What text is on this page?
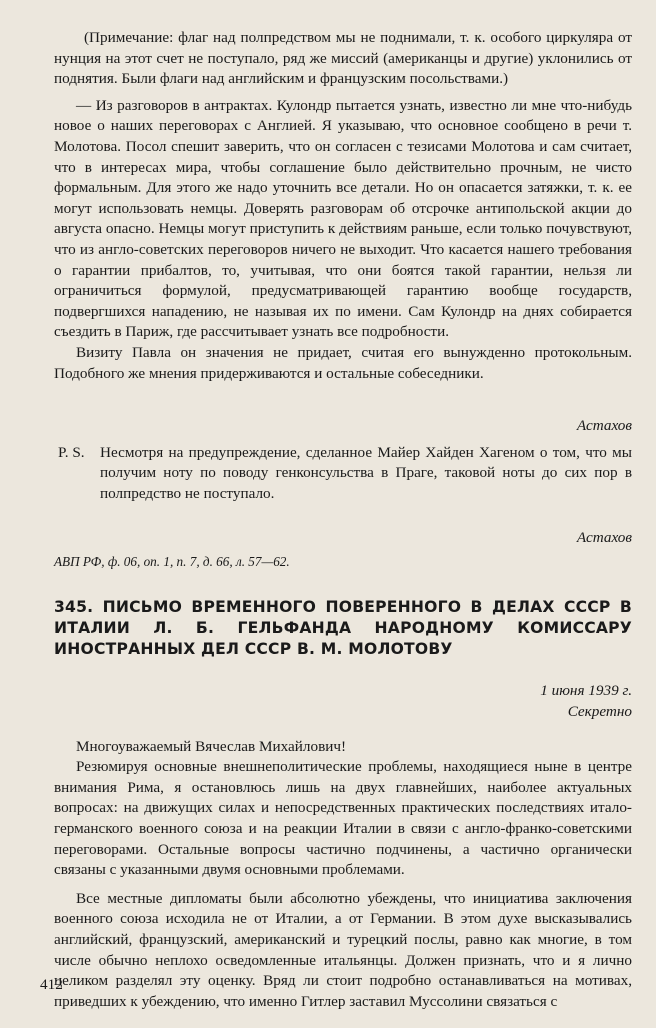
(Примечание: флаг над полпредством мы не поднимали, т. к. особого циркуляра от нунция на этот счет не поступало, ряд же миссий (американцы и другие) уклонились от поднятия. Были флаги над английским и французским посольствами.)

— Из разговоров в антрактах. Кулондр пытается узнать, известно ли мне что-нибудь новое о наших переговорах с Англией. Я указываю, что основное сообщено в речи т. Молотова. Посол спешит заверить, что он согласен с тезисами Молотова и сам считает, что в интересах мира, чтобы соглашение было действительно прочным, не чисто формальным. Для этого же надо уточнить все детали. Но он опасается затяжки, т. к. ее могут использовать немцы. Доверять разговорам об отсрочке антипольской акции до августа опасно. Немцы могут приступить к действиям раньше, если только почувствуют, что из англо-советских переговоров ничего не выходит. Что касается нашего требования о гарантии прибалтов, то, учитывая, что они боятся такой гарантии, нельзя ли ограничиться формулой, предусматривающей гарантию вообще государств, подвергшихся нападению, не называя их по имени. Сам Кулондр на днях собирается съездить в Париж, где рассчитывает узнать все подробности.

Визиту Павла он значения не придает, считая его вынужденно протокольным. Подобного же мнения придерживаются и остальные собеседники.

Астахов
P. S.	Несмотря на предупреждение, сделанное Майер Хайден Хагеном о том, что мы получим ноту по поводу генконсульства в Праге, таковой ноты до сих пор в полпредство не поступало.
Астахов
АВП РФ, ф. 06, оп. 1, п. 7, д. 66, л. 57—62.
345. ПИСЬМО ВРЕМЕННОГО ПОВЕРЕННОГО В ДЕЛАХ СССР В ИТАЛИИ Л. Б. ГЕЛЬФАНДА НАРОДНОМУ КОМИССАРУ ИНОСТРАННЫХ ДЕЛ СССР В. М. МОЛОТОВУ
1 июня 1939 г.
Секретно
Многоуважаемый Вячеслав Михайлович!

Резюмируя основные внешнеполитические проблемы, находящиеся ныне в центре внимания Рима, я остановлюсь лишь на двух главнейших, наиболее актуальных вопросах: на движущих силах и непосредственных практических последствиях итало-германского военного союза и на реакции Италии в связи с англо-франко-советскими переговорами. Остальные вопросы частично подчинены, а частично органически связаны с указанными двумя основными проблемами.

Все местные дипломаты были абсолютно убеждены, что инициатива заключения военного союза исходила не от Италии, а от Германии. В этом духе высказывались английский, французский, американский и турецкий послы, равно как многие, в том числе обычно неплохо осведомленные итальянцы. Должен признать, что и я лично целиком разделял эту оценку. Вряд ли стоит подробно останавливаться на мотивах, приведших к убеждению, что именно Гитлер заставил Муссолини связаться с

412
